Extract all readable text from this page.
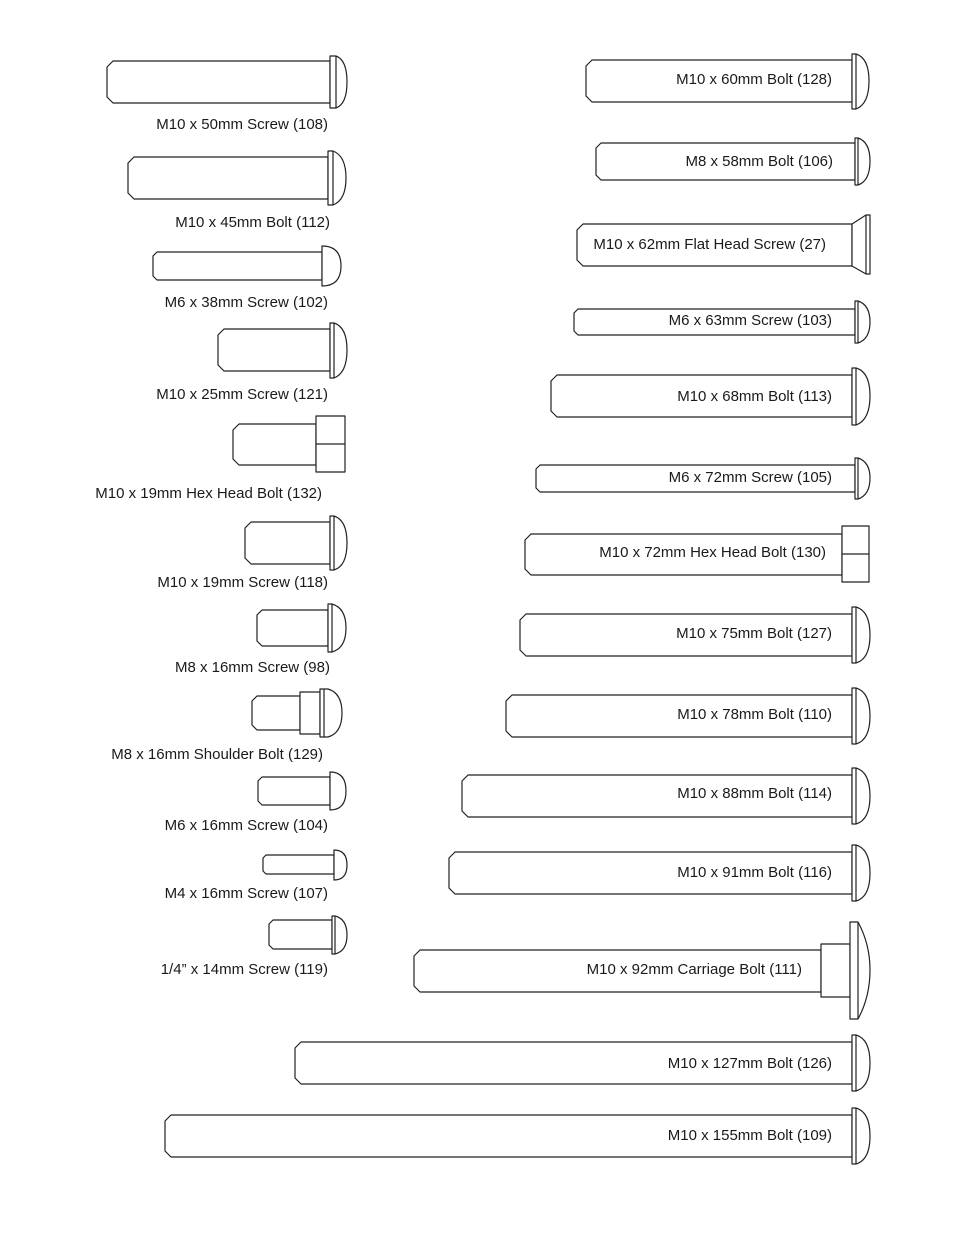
M10 x 50mm Screw (108)
M10 x 45mm Bolt (112)
M6 x 38mm Screw (102)
M10 x 25mm Screw (121)
M10 x 19mm Hex Head Bolt (132)
M10 x 19mm Screw (118)
M8 x 16mm Screw (98)
M8 x 16mm Shoulder Bolt (129)
M6 x 16mm Screw (104)
M4 x 16mm Screw (107)
1/4” x 14mm Screw (119)
M10 x 60mm Bolt (128)
M8 x 58mm Bolt (106)
M10 x 62mm Flat Head Screw (27)
M6 x 63mm Screw (103)
M10 x 68mm Bolt (113)
M6 x 72mm Screw (105)
M10 x 72mm Hex Head Bolt (130)
M10 x 75mm Bolt (127)
M10 x 78mm Bolt (110)
M10 x 88mm Bolt (114)
M10 x 91mm Bolt (116)
M10 x 92mm Carriage Bolt (111)
M10 x 127mm Bolt (126)
M10 x 155mm Bolt (109)
